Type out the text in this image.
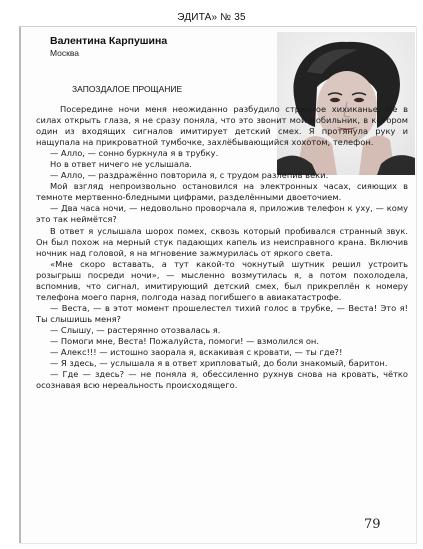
ЭДИТА» № 35
Валентина Карпушина
Москва
ЗАПОЗДАЛОЕ ПРОЩАНИЕ

Посередине ночи меня неожиданно разбудило странное хихиканье. Не в силах открыть глаза, я не сразу поняла, что это звонит мой мобильник, в котором один из входящих сигналов имитирует детский смех. Я протянула руку и нащупала на прикроватной тумбочке, захлёбывающийся хохотом, телефон.

— Алло, — сонно буркнула я в трубку.

Но в ответ ничего не услышала.

— Алло, — раздражённо повторила я, с трудом разлепив веки.

Мой взгляд непроизвольно остановился на электронных часах, сияющих в темноте мертвенно-бледными цифрами, разделёнными двоеточием.

— Два часа ночи, — недовольно проворчала я, приложив телефон к уху, — кому это так неймётся?

В ответ я услышала шорох помех, сквозь который пробивался странный звук. Он был похож на мерный стук падающих капель из неисправного крана. Включив ночник над головой, я на мгновение зажмурилась от яркого света.

«Мне скоро вставать, а тут какой-то чокнутый шутник решил устроить розыгрыш посреди ночи», — мысленно возмутилась я, а потом похолодела, вспомнив, что сигнал, имитирующий детский смех, был прикреплён к номеру телефона моего парня, полгода назад погибшего в авиакатастрофе.

— Веста, — в этот момент прошелестел тихий голос в трубке, — Веста! Это я! Ты слышишь меня?

— Слышу, — растерянно отозвалась я.

— Помоги мне, Веста! Пожалуйста, помоги! — взмолился он.

— Алекс!!! — истошно заорала я, вскакивая с кровати, — ты где?!

— Я здесь, — услышала я в ответ хрипловатый, до боли знакомый, баритон.

— Где — здесь? — не поняла я, обессиленно рухнув снова на кровать, чётко осознавая всю нереальность происходящего.

79
